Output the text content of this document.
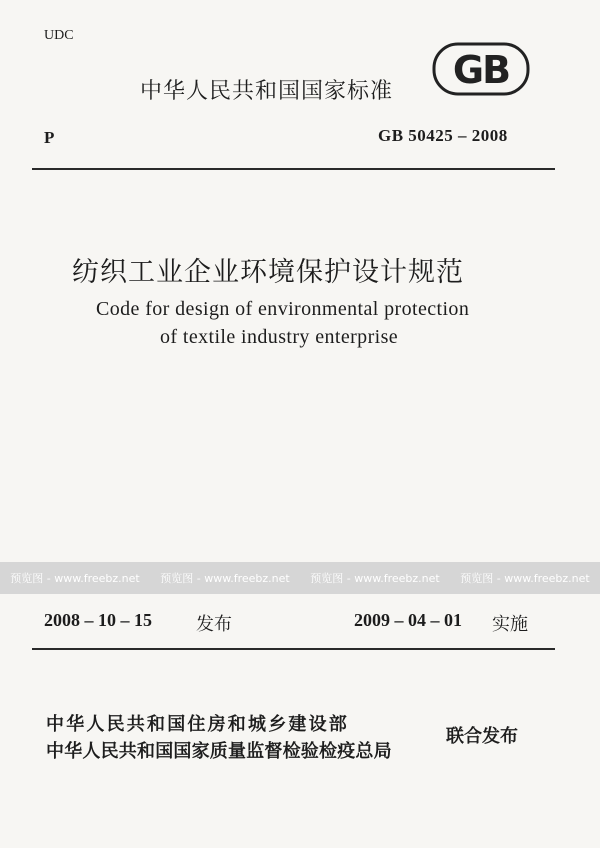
UDC
中华人民共和国国家标准 GB
P	GB 50425 – 2008
纺织工业企业环境保护设计规范
Code for design of environmental protection
of textile industry enterprise
预览图 - www.freebz.net 预览图 - www.freebz.net 预览图 - www.freebz.net 预览图 - www.freebz.net
2008 – 10 – 15 发布	2009 – 04 – 01 实施
中华人民共和国住房和城乡建设部
中华人民共和国国家质量监督检验检疫总局
联合发布
